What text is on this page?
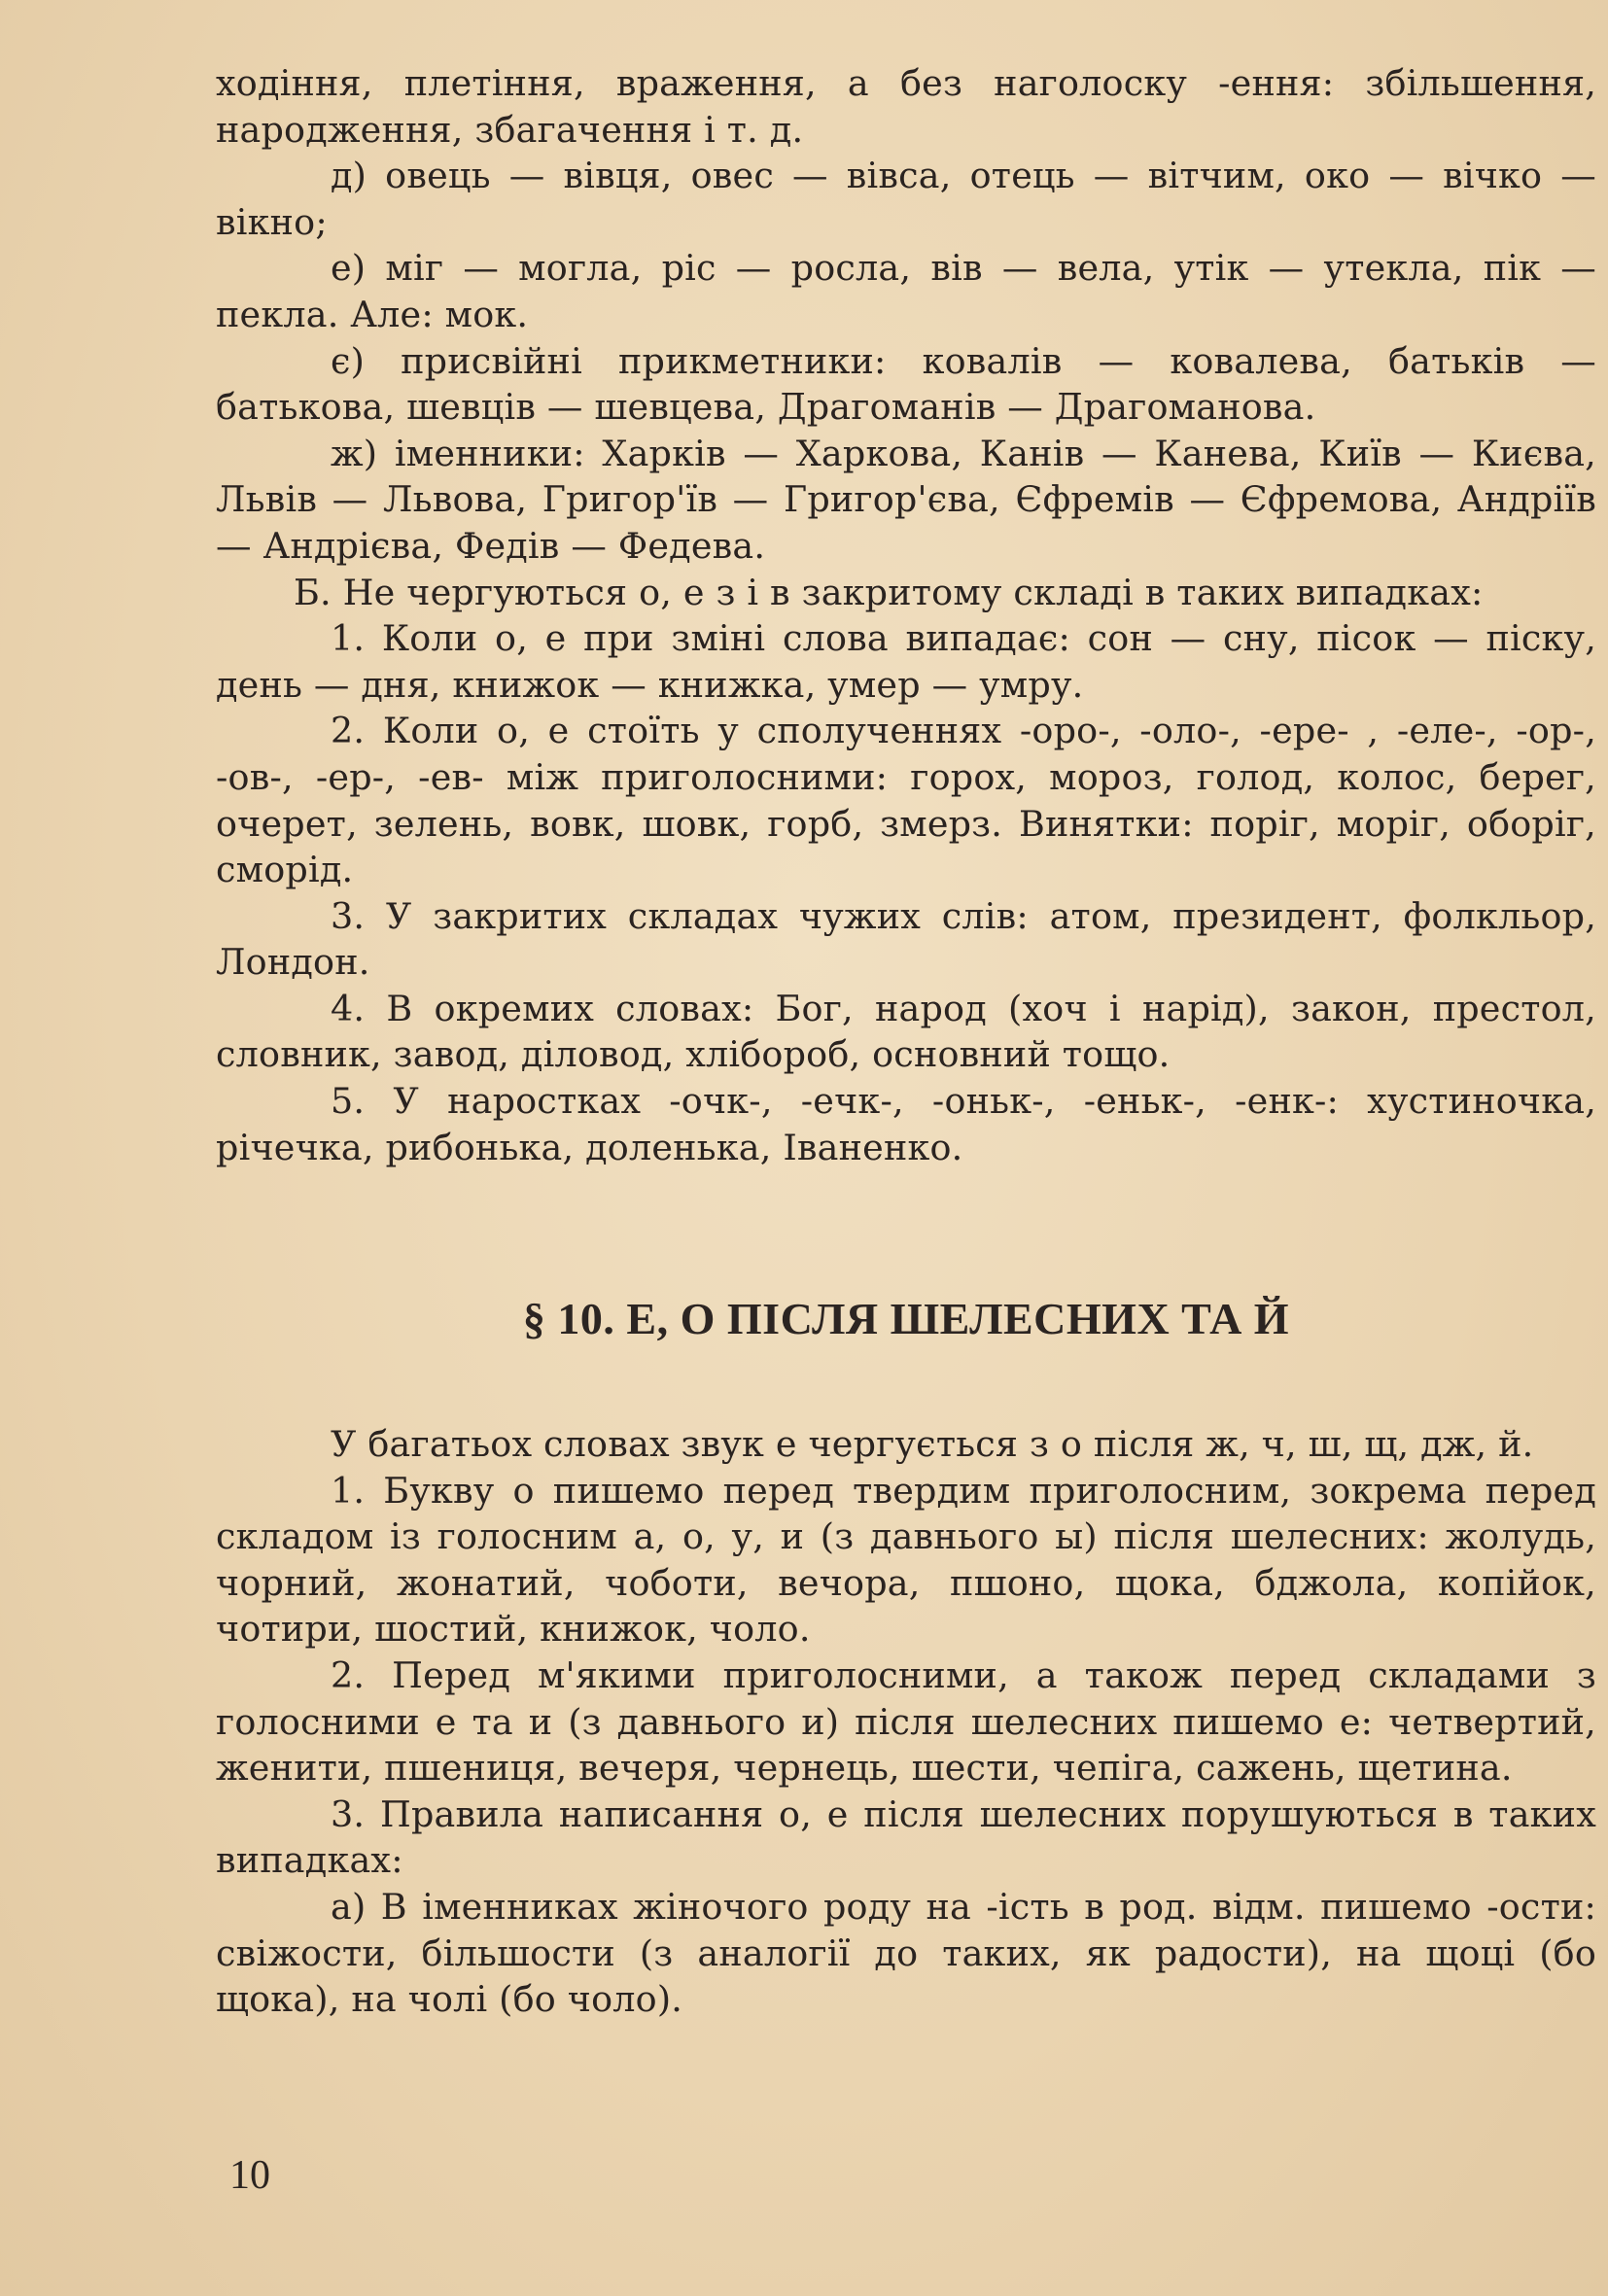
ходіння, плетіння, враження, а без наголоску -ення: збільшення, народження, збагачення і т. д.

д) овець — вівця, овес — вівса, отець — вітчим, око — вічко — вікно;

е) міг — могла, ріс — росла, вів — вела, утік — утекла, пік — пекла. Але: мок.

є) присвійні прикметники: ковалів — ковалева, батьків — батькова, шевців — шевцева, Драгоманів — Драгоманова.

ж) іменники: Харків — Харкова, Канів — Канева, Київ — Києва, Львів — Львова, Григор'їв — Григор'єва, Єфремів — Єфремова, Андріїв — Андрієва, Федів — Федева.

Б. Не чергуються о, е з і в закритому складі в таких випадках:

1. Коли о, е при зміні слова випадає: сон — сну, пісок — піску, день — дня, книжок — книжка, умер — умру.

2. Коли о, е стоїть у сполученнях -оро-, -оло-, -ере- , -еле-, -ор-, -ов-, -ер-, -ев- між приголосними: горох, мороз, голод, колос, берег, очерет, зелень, вовк, шовк, горб, змерз. Винятки: поріг, моріг, оборіг, сморід.

3. У закритих складах чужих слів: атом, президент, фолкльор, Лондон.

4. В окремих словах: Бог, народ (хоч і нарід), закон, престол, словник, завод, діловод, хлібороб, основний тощо.

5. У наростках -очк-, -ечк-, -оньк-, -еньк-, -енк-: хустиночка, річечка, рибонька, доленька, Іваненко.

§ 10. Е, О ПІСЛЯ ШЕЛЕСНИХ ТА Й

У багатьох словах звук е чергується з о після ж, ч, ш, щ, дж, й.

1. Букву о пишемо перед твердим приголосним, зокрема перед складом із голосним а, о, у, и (з давнього ы) після шелесних: жолудь, чорний, жонатий, чоботи, вечора, пшоно, щока, бджола, копійок, чотири, шостий, книжок, чоло.

2. Перед м'якими приголосними, а також перед складами з голосними е та и (з давнього и) після шелесних пишемо е: четвертий, женити, пшениця, вечеря, чернець, шести, чепіга, сажень, щетина.

3. Правила написання о, е після шелесних порушуються в таких випадках:

а) В іменниках жіночого роду на -ість в род. відм. пишемо -ости: свіжости, більшости (з аналогії до таких, як радости), на щоці (бо щока), на чолі (бо чоло).

10
